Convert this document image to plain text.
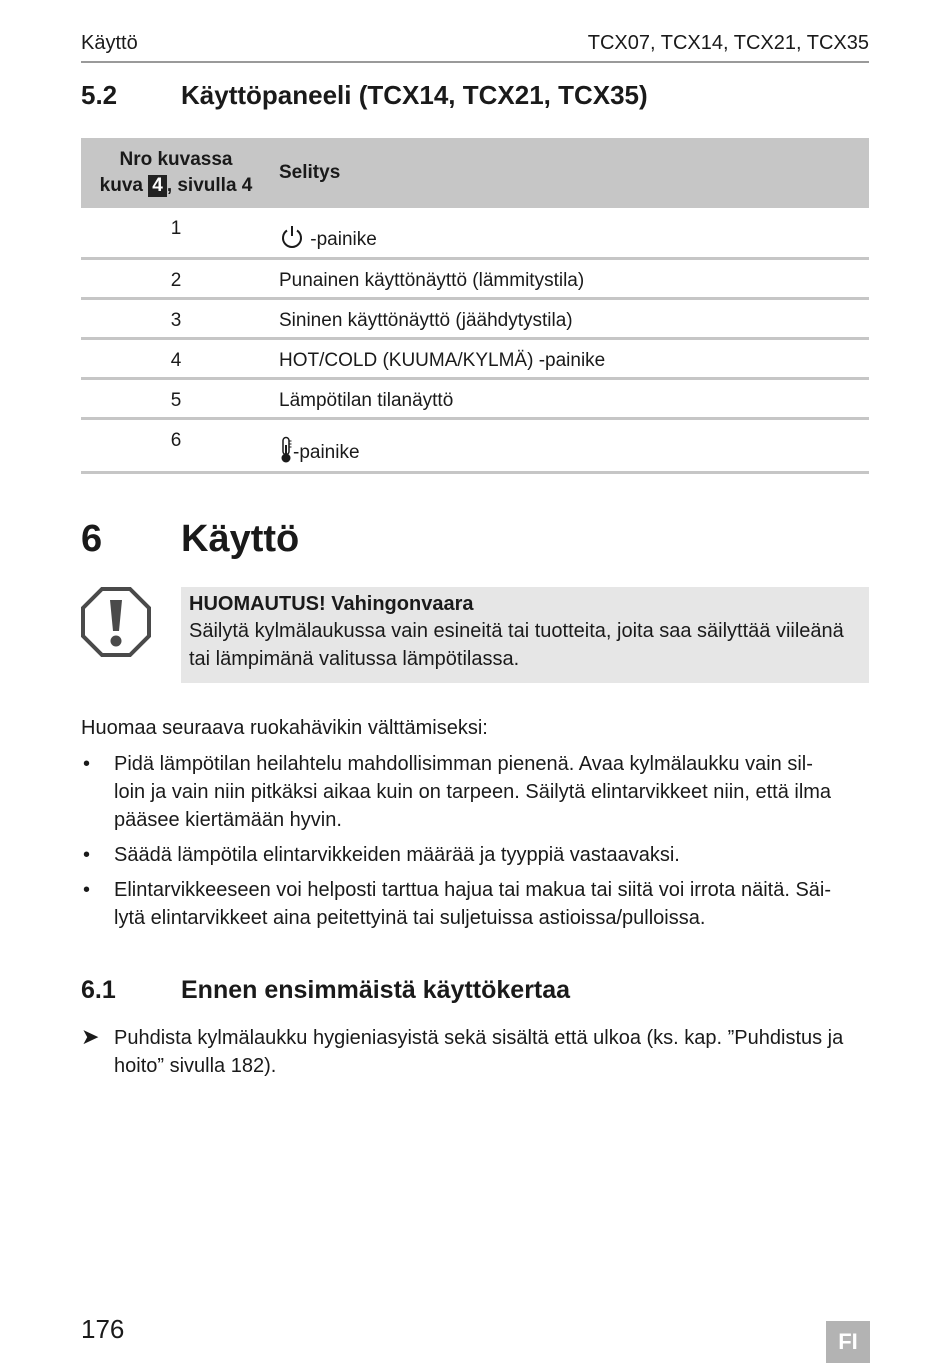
Käyttö	TCX07, TCX14, TCX21, TCX35
5.2 Käyttöpaneeli (TCX14, TCX21, TCX35)
Nro kuvassa
kuva 4 , sivulla 4	Selitys
1	-painike
2	Punainen käyttönäyttö (lämmitystila)
3	Sininen käyttönäyttö (jäähdytystila)
4	HOT/COLD (KUUMA/KYLMÄ) -painike
5	Lämpötilan tilanäyttö
6	-painike
6 Käyttö
HUOMAUTUS! Vahingonvaara
Säilytä kylmälaukussa vain esineitä tai tuotteita, joita saa säilyttää viileänä
tai lämpimänä valitussa lämpötilassa.
Huomaa seuraava ruokahävikin välttämiseksi:
• Pidä lämpötilan heilahtelu mahdollisimman pienenä. Avaa kylmälaukku vain sil-
loin ja vain niin pitkäksi aikaa kuin on tarpeen. Säilytä elintarvikkeet niin, että ilma
pääsee kiertämään hyvin.
• Säädä lämpötila elintarvikkeiden määrää ja tyyppiä vastaavaksi.
• Elintarvikkeeseen voi helposti tarttua hajua tai makua tai siitä voi irrota näitä. Säi-
lytä elintarvikkeet aina peitettyinä tai suljetuissa astioissa/pulloissa.
6.1	Ennen ensimmäistä käyttökertaa
➤ Puhdista kylmälaukku hygieniasyistä sekä sisältä että ulkoa (ks. kap. ”Puhdistus ja
hoito” sivulla 182).
176	FI
